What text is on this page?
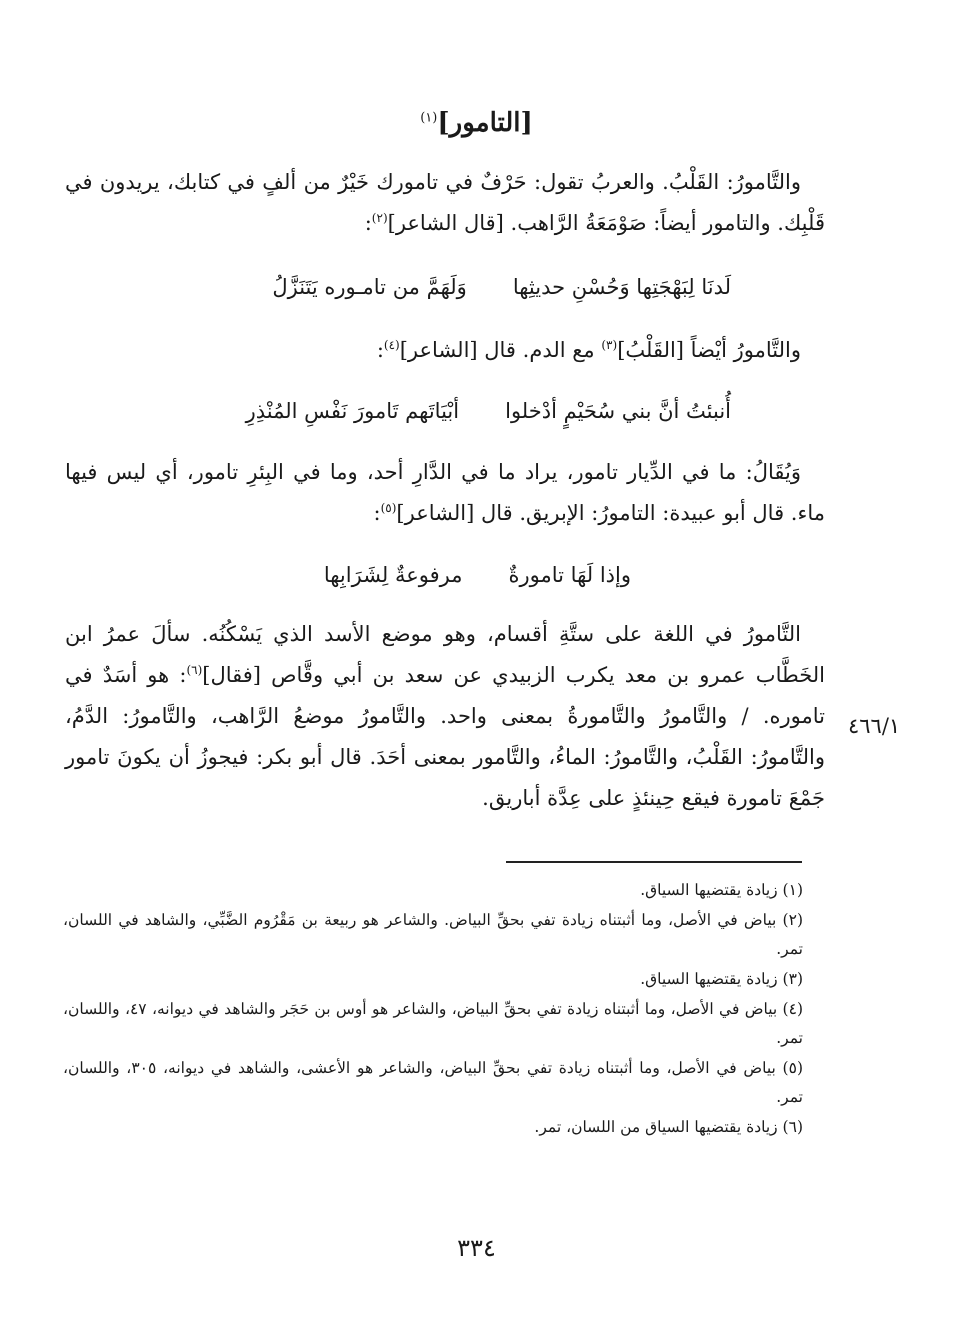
[التامور]$^{(١)}$
والتَّامورُ: القَلْبُ. والعربُ تقول: حَرْفٌ في تامورك خَيْرٌ من ألفٍ في كتابك، يريدون في قَلْبِك. والتامور أيضاً: صَوْمَعَةُ الرَّاهب. [قال الشاعر]$^{(٢)}$:
لَدنَا لِبَهْجَتِها وَحُسْنِ حديثِهاوَلَهَمَّ من تامـوره يَتَنَزَّلُ
والتَّامورُ أيْضاً [القَلْبُ]$^{(٣)}$ مع الدم. قال [الشاعر]$^{(٤)}$:
أُنبئتُ أنَّ بني سُحَيْمٍ أدْخلواأبْيَاتَهم تَامورَ نَفْسِ المُنْذِرِ
وَيُقَالُ: ما في الدِّيار تامور، يراد ما في الدَّارِ أحد، وما في البِئرِ تامور، أي ليس فيها ماء. قال أبو عبيدة: التامورُ: الإبريق. قال [الشاعر]$^{(٥)}$:
وإذا لَهَا تامورةٌمرفوعةٌ لِشَرَابِها
التَّامورُ في اللغة على ستَّةِ أقسام، وهو موضع الأسد الذي يَسْكُنُه. سألَ عمرُ ابن الخَطَّاب عمرو بن معد يكرب الزبيدي عن سعد بن أبي وقَّاص [فقال]$^{(٦)}$: هو أسَدٌ في تاموره. / والتَّامورُ والتَّامورةُ بمعنى واحد. والتَّامورُ موضعُ الرَّاهب، والتَّامورُ: الدَّمُ، والتَّامورُ: القَلْبُ، والتَّامورُ: الماءُ، والتَّامور بمعنى أحَدَ. قال أبو بكر: فيجوزُ أن يكونَ تامور جَمْعَ تامورة فيقع حِينئذٍ على عِدَّة أباريق.
٤٦٦/١
(١) زيادة يقتضيها السياق.
(٢) بياض في الأصل، وما أثبتناه زيادة تفي بحقِّ البياض. والشاعر هو ربيعة بن مَقْرُوم الضَّبِّي، والشاهد في اللسان، تمر.
(٣) زيادة يقتضيها السياق.
(٤) بياض في الأصل، وما أثبتناه زيادة تفي بحقِّ البياض، والشاعر هو أوس بن حَجَر والشاهد في ديوانه، ٤٧، واللسان، تمر.
(٥) بياض في الأصل، وما أثبتناه زيادة تفي بحقِّ البياض، والشاعر هو الأعشى، والشاهد في ديوانه، ٣٠٥، واللسان، تمر.
(٦) زيادة يقتضيها السياق من اللسان، تمر.
٣٣٤
